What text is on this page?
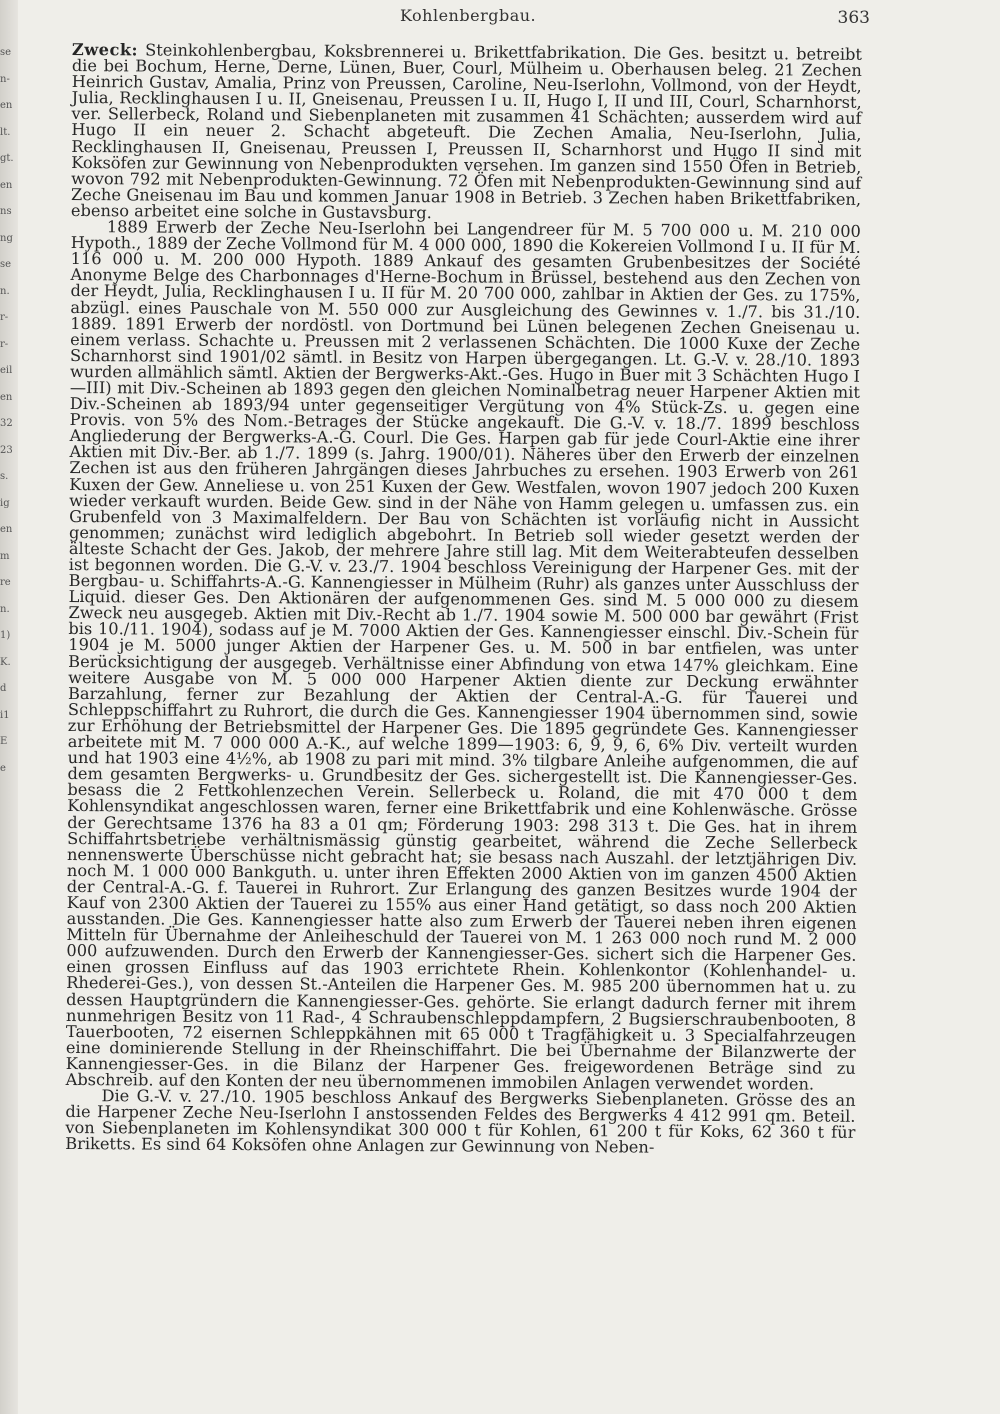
se
n-
en
lt.
gt.
en
ns
ng
se
n.
r-
r-
eil
en
32
23
s.
ig
en
m
re
n.
1)
K.
d
i1
E
e
Kohlenbergbau.	363

Zweck: Steinkohlenbergbau, Koksbrennerei u. Brikettfabrikation. Die Ges. besitzt u. betreibt die bei Bochum, Herne, Derne, Lünen, Buer, Courl, Mülheim u. Oberhausen beleg. 21 Zechen Heinrich Gustav, Amalia, Prinz von Preussen, Caroline, Neu-Iserlohn, Vollmond, von der Heydt, Julia, Recklinghausen I u. II, Gneisenau, Preussen I u. II, Hugo I, II und III, Courl, Scharnhorst, ver. Sellerbeck, Roland und Siebenplaneten mit zusammen 41 Schächten; ausserdem wird auf Hugo II ein neuer 2. Schacht abgeteuft. Die Zechen Amalia, Neu-Iserlohn, Julia, Recklinghausen II, Gneisenau, Preussen I, Preussen II, Scharnhorst und Hugo II sind mit Koksöfen zur Gewinnung von Nebenprodukten versehen. Im ganzen sind 1550 Öfen in Betrieb, wovon 792 mit Nebenprodukten-Gewinnung. 72 Öfen mit Nebenprodukten-Gewinnung sind auf Zeche Gneisenau im Bau und kommen Januar 1908 in Betrieb. 3 Zechen haben Brikettfabriken, ebenso arbeitet eine solche in Gustavsburg.

1889 Erwerb der Zeche Neu-Iserlohn bei Langendreer für M. 5 700 000 u. M. 210 000 Hypoth., 1889 der Zeche Vollmond für M. 4 000 000, 1890 die Kokereien Vollmond I u. II für M. 116 000 u. M. 200 000 Hypoth. 1889 Ankauf des gesamten Grubenbesitzes der Société Anonyme Belge des Charbonnages d'Herne-Bochum in Brüssel, bestehend aus den Zechen von der Heydt, Julia, Recklinghausen I u. II für M. 20 700 000, zahlbar in Aktien der Ges. zu 175%, abzügl. eines Pauschale von M. 550 000 zur Ausgleichung des Gewinnes v. 1./7. bis 31./10. 1889. 1891 Erwerb der nordöstl. von Dortmund bei Lünen belegenen Zechen Gneisenau u. einem verlass. Schachte u. Preussen mit 2 verlassenen Schächten. Die 1000 Kuxe der Zeche Scharnhorst sind 1901/02 sämtl. in Besitz von Harpen übergegangen. Lt. G.-V. v. 28./10. 1893 wurden allmählich sämtl. Aktien der Bergwerks-Akt.-Ges. Hugo in Buer mit 3 Schächten Hugo I—III) mit Div.-Scheinen ab 1893 gegen den gleichen Nominalbetrag neuer Harpener Aktien mit Div.-Scheinen ab 1893/94 unter gegenseitiger Vergütung von 4% Stück-Zs. u. gegen eine Provis. von 5% des Nom.-Betrages der Stücke angekauft. Die G.-V. v. 18./7. 1899 beschloss Angliederung der Bergwerks-A.-G. Courl. Die Ges. Harpen gab für jede Courl-Aktie eine ihrer Aktien mit Div.-Ber. ab 1./7. 1899 (s. Jahrg. 1900/01). Näheres über den Erwerb der einzelnen Zechen ist aus den früheren Jahrgängen dieses Jahrbuches zu ersehen. 1903 Erwerb von 261 Kuxen der Gew. Anneliese u. von 251 Kuxen der Gew. Westfalen, wovon 1907 jedoch 200 Kuxen wieder verkauft wurden. Beide Gew. sind in der Nähe von Hamm gelegen u. umfassen zus. ein Grubenfeld von 3 Maximalfeldern. Der Bau von Schächten ist vorläufig nicht in Aussicht genommen; zunächst wird lediglich abgebohrt. In Betrieb soll wieder gesetzt werden der älteste Schacht der Ges. Jakob, der mehrere Jahre still lag. Mit dem Weiterabteufen desselben ist begonnen worden. Die G.-V. v. 23./7. 1904 beschloss Vereinigung der Harpener Ges. mit der Bergbau- u. Schiffahrts-A.-G. Kannengiesser in Mülheim (Ruhr) als ganzes unter Ausschluss der Liquid. dieser Ges. Den Aktionären der aufgenommenen Ges. sind M. 5 000 000 zu diesem Zweck neu ausgegeb. Aktien mit Div.-Recht ab 1./7. 1904 sowie M. 500 000 bar gewährt (Frist bis 10./11. 1904), sodass auf je M. 7000 Aktien der Ges. Kannengiesser einschl. Div.-Schein für 1904 je M. 5000 junger Aktien der Harpener Ges. u. M. 500 in bar entfielen, was unter Berücksichtigung der ausgegeb. Verhältnisse einer Abfindung von etwa 147% gleichkam. Eine weitere Ausgabe von M. 5 000 000 Harpener Aktien diente zur Deckung erwähnter Barzahlung, ferner zur Bezahlung der Aktien der Central-A.-G. für Tauerei und Schleppschiffahrt zu Ruhrort, die durch die Ges. Kannengiesser 1904 übernommen sind, sowie zur Erhöhung der Betriebsmittel der Harpener Ges. Die 1895 gegründete Ges. Kannengiesser arbeitete mit M. 7 000 000 A.-K., auf welche 1899—1903: 6, 9, 9, 6, 6% Div. verteilt wurden und hat 1903 eine 4½%, ab 1908 zu pari mit mind. 3% tilgbare Anleihe aufgenommen, die auf dem gesamten Bergwerks- u. Grundbesitz der Ges. sichergestellt ist. Die Kannengiesser-Ges. besass die 2 Fettkohlenzechen Verein. Sellerbeck u. Roland, die mit 470 000 t dem Kohlensyndikat angeschlossen waren, ferner eine Brikettfabrik und eine Kohlenwäsche. Grösse der Gerechtsame 1376 ha 83 a 01 qm; Förderung 1903: 298 313 t. Die Ges. hat in ihrem Schiffahrtsbetriebe verhältnismässig günstig gearbeitet, während die Zeche Sellerbeck nennenswerte Überschüsse nicht gebracht hat; sie besass nach Auszahl. der letztjährigen Div. noch M. 1 000 000 Bankguth. u. unter ihren Effekten 2000 Aktien von im ganzen 4500 Aktien der Central-A.-G. f. Tauerei in Ruhrort. Zur Erlangung des ganzen Besitzes wurde 1904 der Kauf von 2300 Aktien der Tauerei zu 155% aus einer Hand getätigt, so dass noch 200 Aktien ausstanden. Die Ges. Kannengiesser hatte also zum Erwerb der Tauerei neben ihren eigenen Mitteln für Übernahme der Anleiheschuld der Tauerei von M. 1 263 000 noch rund M. 2 000 000 aufzuwenden. Durch den Erwerb der Kannengiesser-Ges. sichert sich die Harpener Ges. einen grossen Einfluss auf das 1903 errichtete Rhein. Kohlenkontor (Kohlenhandel- u. Rhederei-Ges.), von dessen St.-Anteilen die Harpener Ges. M. 985 200 übernommen hat u. zu dessen Hauptgründern die Kannengiesser-Ges. gehörte. Sie erlangt dadurch ferner mit ihrem nunmehrigen Besitz von 11 Rad-, 4 Schraubenschleppdampfern, 2 Bugsierschraubenbooten, 8 Tauerbooten, 72 eisernen Schleppkähnen mit 65 000 t Tragfähigkeit u. 3 Specialfahrzeugen eine dominierende Stellung in der Rheinschiffahrt. Die bei Übernahme der Bilanzwerte der Kannengiesser-Ges. in die Bilanz der Harpener Ges. freigewordenen Beträge sind zu Abschreib. auf den Konten der neu übernommenen immobilen Anlagen verwendet worden.

Die G.-V. v. 27./10. 1905 beschloss Ankauf des Bergwerks Siebenplaneten. Grösse des an die Harpener Zeche Neu-Iserlohn I anstossenden Feldes des Bergwerks 4 412 991 qm. Beteil. von Siebenplaneten im Kohlensyndikat 300 000 t für Kohlen, 61 200 t für Koks, 62 360 t für Briketts. Es sind 64 Koksöfen ohne Anlagen zur Gewinnung von Neben-
